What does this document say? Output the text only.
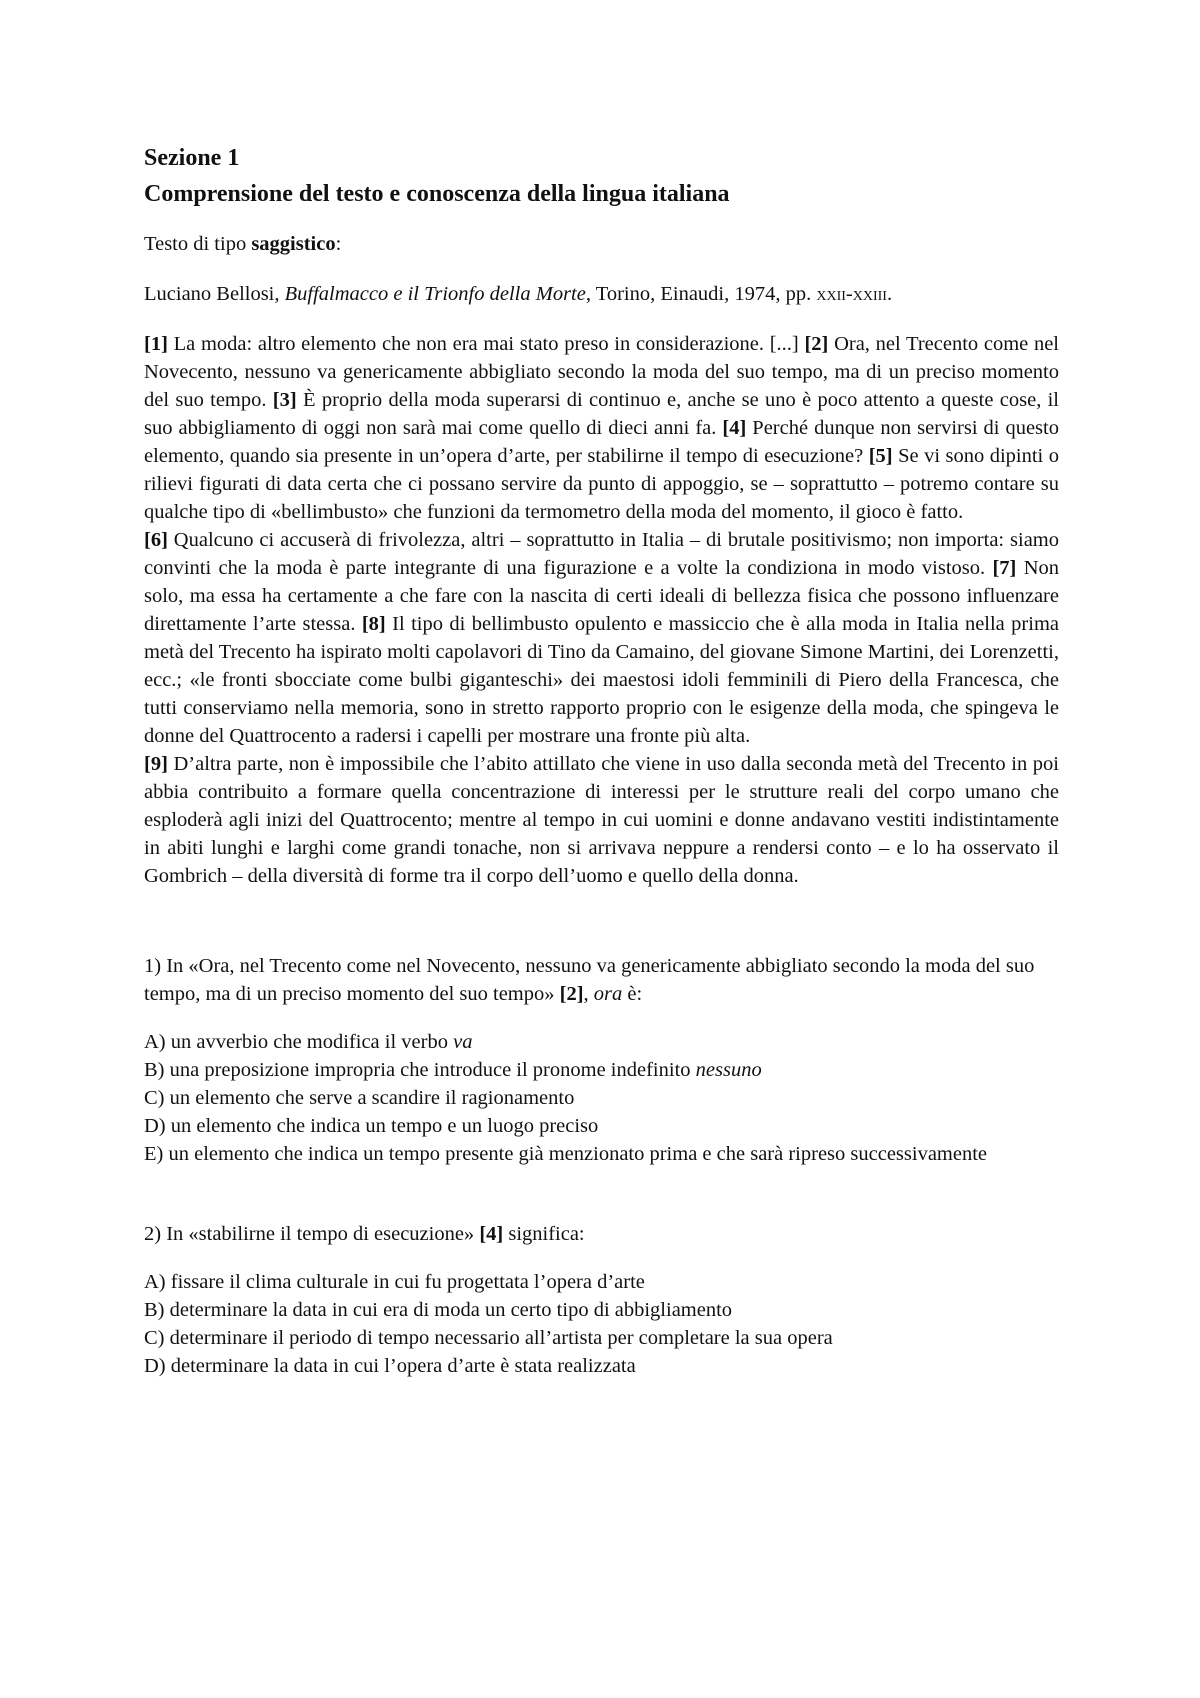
Sezione 1
Comprensione del testo e conoscenza della lingua italiana
Testo di tipo saggistico:
Luciano Bellosi, Buffalmacco e il Trionfo della Morte, Torino, Einaudi, 1974, pp. xxii-xxiii.

[1] La moda: altro elemento che non era mai stato preso in considerazione. [...] [2] Ora, nel Trecento come nel Novecento, nessuno va genericamente abbigliato secondo la moda del suo tempo, ma di un preciso momento del suo tempo. [3] È proprio della moda superarsi di continuo e, anche se uno è poco attento a queste cose, il suo abbigliamento di oggi non sarà mai come quello di dieci anni fa. [4] Perché dunque non servirsi di questo elemento, quando sia presente in un’opera d’arte, per stabilirne il tempo di esecuzione? [5] Se vi sono dipinti o rilievi figurati di data certa che ci possano servire da punto di appoggio, se – soprattutto – potremo contare su qualche tipo di «bellimbusto» che funzioni da termometro della moda del momento, il gioco è fatto.

[6] Qualcuno ci accuserà di frivolezza, altri – soprattutto in Italia – di brutale positivismo; non importa: siamo convinti che la moda è parte integrante di una figurazione e a volte la condiziona in modo vistoso. [7] Non solo, ma essa ha certamente a che fare con la nascita di certi ideali di bellezza fisica che possono influenzare direttamente l’arte stessa. [8] Il tipo di bellimbusto opulento e massiccio che è alla moda in Italia nella prima metà del Trecento ha ispirato molti capolavori di Tino da Camaino, del giovane Simone Martini, dei Lorenzetti, ecc.; «le fronti sbocciate come bulbi giganteschi» dei maestosi idoli femminili di Piero della Francesca, che tutti conserviamo nella memoria, sono in stretto rapporto proprio con le esigenze della moda, che spingeva le donne del Quattrocento a radersi i capelli per mostrare una fronte più alta.

[9] D’altra parte, non è impossibile che l’abito attillato che viene in uso dalla seconda metà del Trecento in poi abbia contribuito a formare quella concentrazione di interessi per le strutture reali del corpo umano che esploderà agli inizi del Quattrocento; mentre al tempo in cui uomini e donne andavano vestiti indistintamente in abiti lunghi e larghi come grandi tonache, non si arrivava neppure a rendersi conto – e lo ha osservato il Gombrich – della diversità di forme tra il corpo dell’uomo e quello della donna.

1) In «Ora, nel Trecento come nel Novecento, nessuno va genericamente abbigliato secondo la moda del suo tempo, ma di un preciso momento del suo tempo» [2], ora è:

A) un avverbio che modifica il verbo va
B) una preposizione impropria che introduce il pronome indefinito nessuno
C) un elemento che serve a scandire il ragionamento
D) un elemento che indica un tempo e un luogo preciso
E) un elemento che indica un tempo presente già menzionato prima e che sarà ripreso successivamente

2) In «stabilirne il tempo di esecuzione» [4] significa:

A) fissare il clima culturale in cui fu progettata l’opera d’arte
B) determinare la data in cui era di moda un certo tipo di abbigliamento
C) determinare il periodo di tempo necessario all’artista per completare la sua opera
D) determinare la data in cui l’opera d’arte è stata realizzata
